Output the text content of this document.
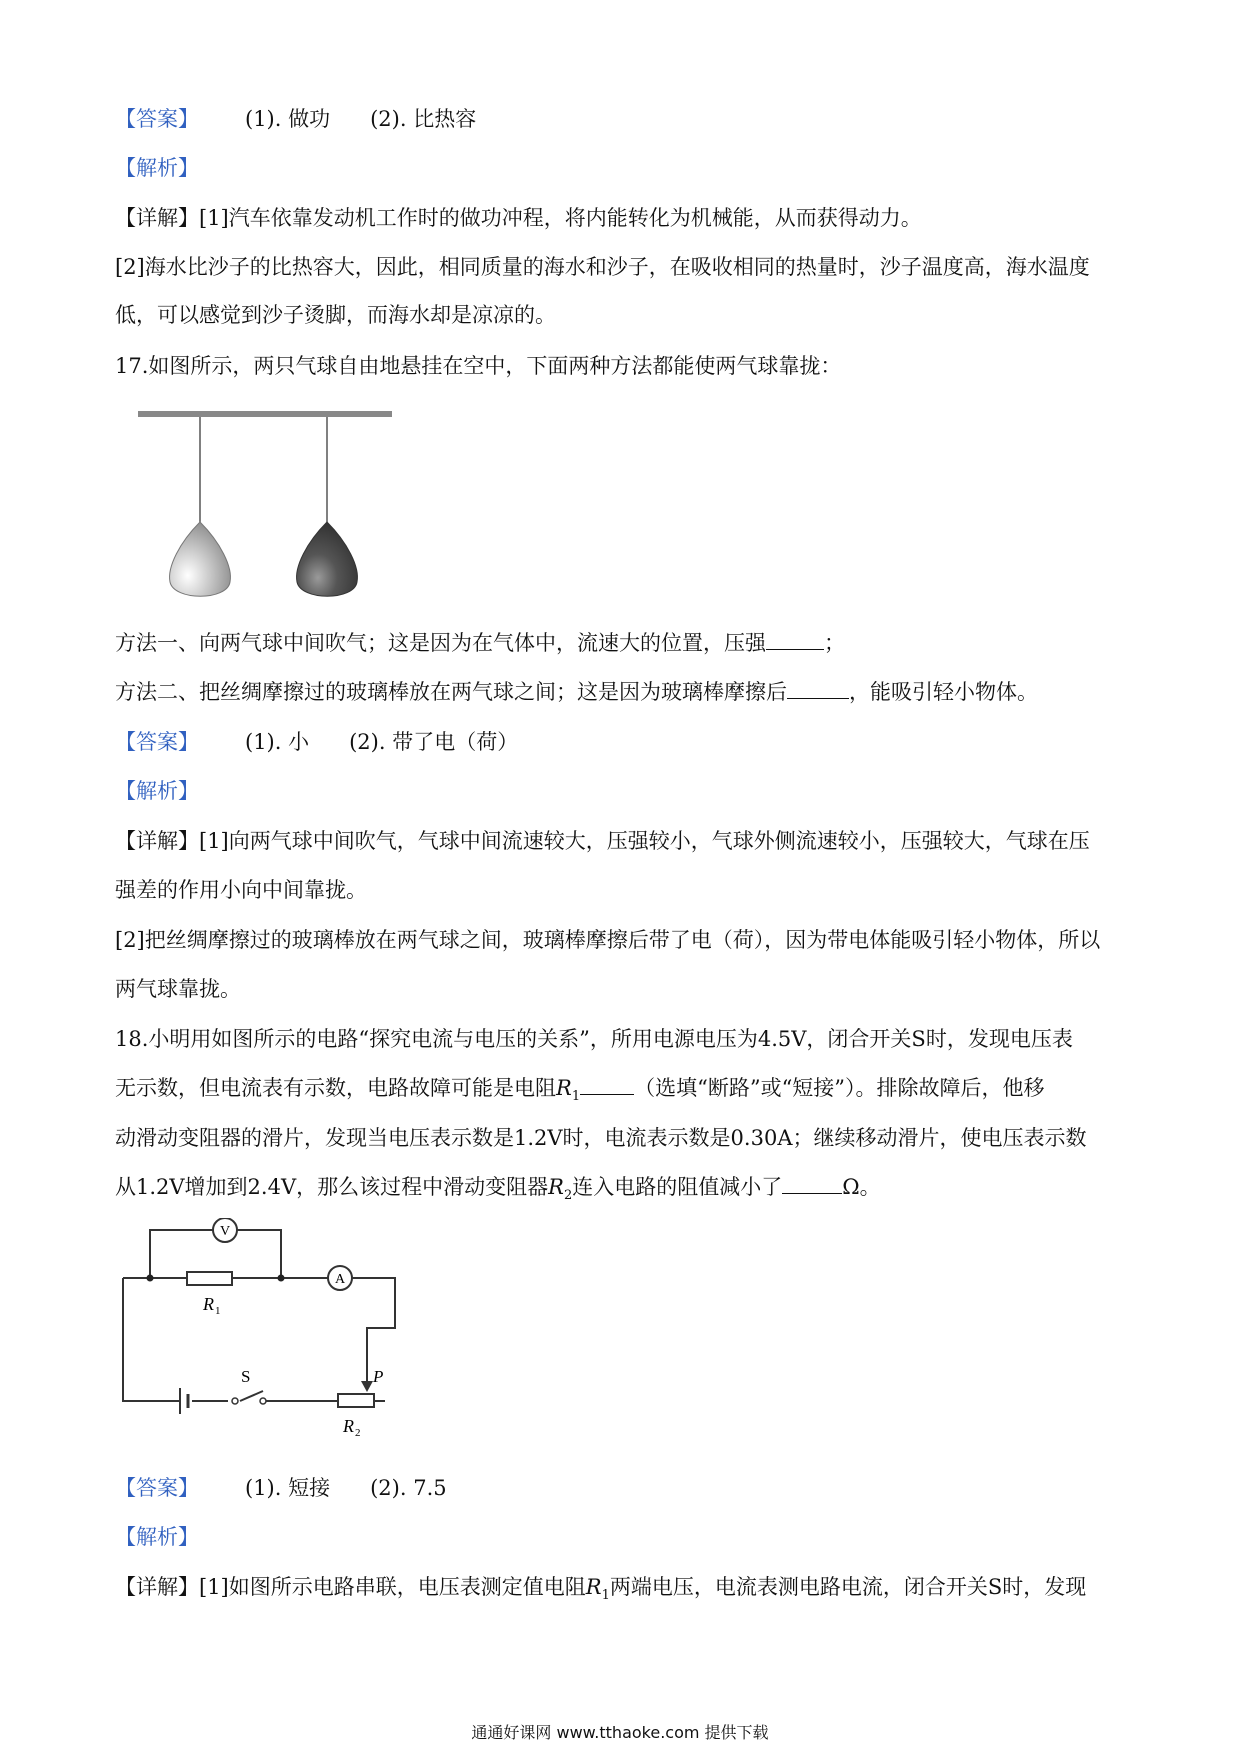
【答案】 (1). 做功 (2). 比热容
【解析】
【详解】[1]汽车依靠发动机工作时的做功冲程，将内能转化为机械能，从而获得动力。
[2]海水比沙子的比热容大，因此，相同质量的海水和沙子，在吸收相同的热量时，沙子温度高，海水温度
低，可以感觉到沙子烫脚，而海水却是凉凉的。
17.如图所示，两只气球自由地悬挂在空中，下面两种方法都能使两气球靠拢：
方法一、向两气球中间吹气；这是因为在气体中，流速大的位置，压强	；
方法二、把丝绸摩擦过的玻璃棒放在两气球之间；这是因为玻璃棒摩擦后	，能吸引轻小物体。
【答案】 (1). 小 (2). 带了电（荷）
【解析】
【详解】[1]向两气球中间吹气，气球中间流速较大，压强较小，气球外侧流速较小，压强较大，气球在压
强差的作用小向中间靠拢。
[2]把丝绸摩擦过的玻璃棒放在两气球之间，玻璃棒摩擦后带了电（荷），因为带电体能吸引轻小物体，所以
两气球靠拢。
18.小明用如图所示的电路“探究电流与电压的关系”，所用电源电压为4.5V，闭合开关S时，发现电压表
无示数，但电流表有示数，电路故障可能是电阻$R_1$	（选填“断路”或“短接”）。排除故障后，他移
动滑动变阻器的滑片，发现当电压表示数是1.2V时，电流表示数是0.30A；继续移动滑片，使电压表示数
从1.2V增加到2.4V，那么该过程中滑动变阻器$R_2$连入电路的阻值减小了	Ω。
V
R 1
A
S	P
R 2
【答案】 (1). 短接 (2). 7.5
【解析】
【详解】[1]如图所示电路串联，电压表测定值电阻$R_1$两端电压，电流表测电路电流，闭合开关S时，发现
通通好课网 www.tthaoke.com 提供下载
